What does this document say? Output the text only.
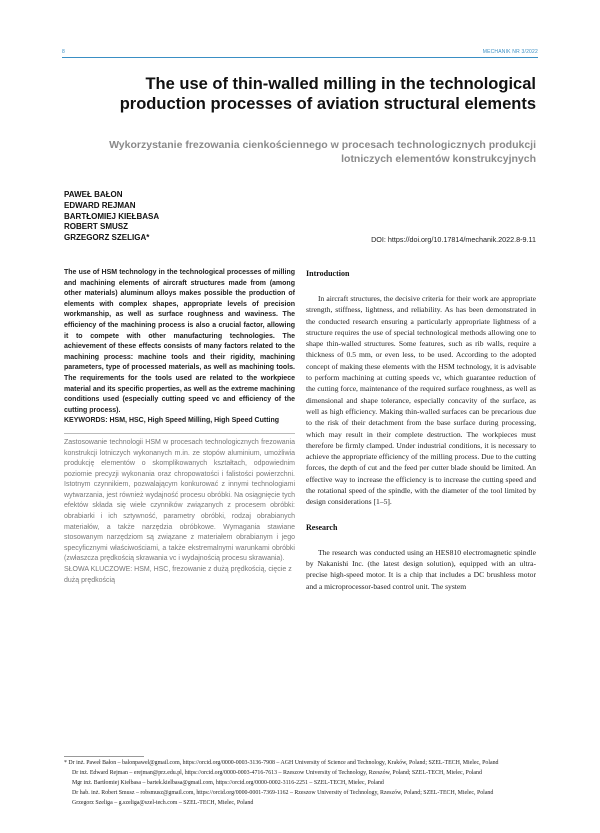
8	MECHANIK NR 3/2022
The use of thin-walled milling in the technological production processes of aviation structural elements
Wykorzystanie frezowania cienkościennego w procesach technologicznych produkcji lotniczych elementów konstrukcyjnych
PAWEŁ BAŁON
EDWARD REJMAN
BARTŁOMIEJ KIEŁBASA
ROBERT SMUSZ
GRZEGORZ SZELIGA*	DOI: https://doi.org/10.17814/mechanik.2022.8-9.11

The use of HSM technology in the technological processes of milling and machining elements of aircraft structures made from (among other materials) aluminum alloys makes possible the production of elements with complex shapes, appropriate levels of precision workmanship, as well as surface roughness and waviness. The efficiency of the machining process is also a crucial factor, allowing it to compete with other manufacturing technologies. The achievement of these effects consists of many factors related to the machining process: machine tools and their rigidity, machining parameters, type of processed materials, as well as machining tools. The requirements for the tools used are related to the workpiece material and its specific properties, as well as the extreme machining conditions used (especially cutting speed vc and efficiency of the cutting process).

KEYWORDS: HSM, HSC, High Speed Milling, High Speed Cutting

Zastosowanie technologii HSM w procesach technologicznych frezowania konstrukcji lotniczych wykonanych m.in. ze stopów aluminium, umożliwia produkcję elementów o skomplikowanych kształtach, odpowiednim poziomie precyzji wykonania oraz chropowatości i falistości powierzchni. Istotnym czynnikiem, pozwalającym konkurować z innymi technologiami wytwarzania, jest również wydajność procesu obróbki. Na osiągnięcie tych efektów składa się wiele czynników związanych z procesem obróbki: obrabiarki i ich sztywność, parametry obróbki, rodzaj obrabianych materiałów, a także narzędzia obróbkowe. Wymagania stawiane stosowanym narzędziom są związane z materiałem obrabianym i jego specyficznymi właściwościami, a także ekstremalnymi warunkami obróbki (zwłaszcza prędkością skrawania vc i wydajnością procesu skrawania).

SŁOWA KLUCZOWE: HSM, HSC, frezowanie z dużą prędkością, cięcie z dużą prędkością

Introduction

In aircraft structures, the decisive criteria for their work are appropriate strength, stiffness, lightness, and reliability. As has been demonstrated in the conducted research ensuring a particularly appropriate lightness of a structure requires the use of special technological methods allowing one to shape thin-walled structures. Some features, such as rib walls, require a thickness of 0.5 mm, or even less, to be used. According to the adopted concept of making these elements with the HSM technology, it is advisable to perform machining at cutting speeds vc, which guarantee reduction of the cutting force, maintenance of the required surface roughness, as well as dimensional and shape tolerance, especially concavity of the surface, as well as high efficiency. Making thin-walled surfaces can be precarious due to the risk of their detachment from the base surface during processing, which may result in their complete destruction. The workpieces must therefore be firmly clamped. Under industrial conditions, it is necessary to achieve the appropriate efficiency of the milling process. Due to the cutting forces, the depth of cut and the feed per cutter blade should be limited. An effective way to increase the efficiency is to increase the cutting speed and the rotational speed of the spindle, with the diameter of the tool limited by design considerations [1–5].

Research

The research was conducted using an HES810 electromagnetic spindle by Nakanishi Inc. (the latest design solution), equipped with an ultra-precise high-speed motor. It is a chip that includes a DC brushless motor and a microprocessor-based control unit. The system

* Dr inż. Paweł Bałon – balonpawel@gmail.com, https://orcid.org/0000-0003-3136-7908 – AGH University of Science and Technology, Kraków, Poland; SZEL-TECH, Mielec, Poland
Dr inż. Edward Rejman – erejman@prz.edu.pl, https://orcid.org/0000-0003-4716-7613 – Rzeszow University of Technology, Rzeszów, Poland; SZEL-TECH, Mielec, Poland
Mgr inż. Bartłomiej Kiełbasa – bartek.kielbasa@gmail.com, https://orcid.org/0000-0002-3116-2251 – SZEL-TECH, Mielec, Poland
Dr hab. inż. Robert Smusz – robsmusz@gmail.com, https://orcid.org/0000-0001-7369-1162 – Rzeszow University of Technology, Rzeszów, Poland; SZEL-TECH, Mielec, Poland
Grzegorz Szeliga – g.szeliga@szel-tech.com – SZEL-TECH, Mielec, Poland
